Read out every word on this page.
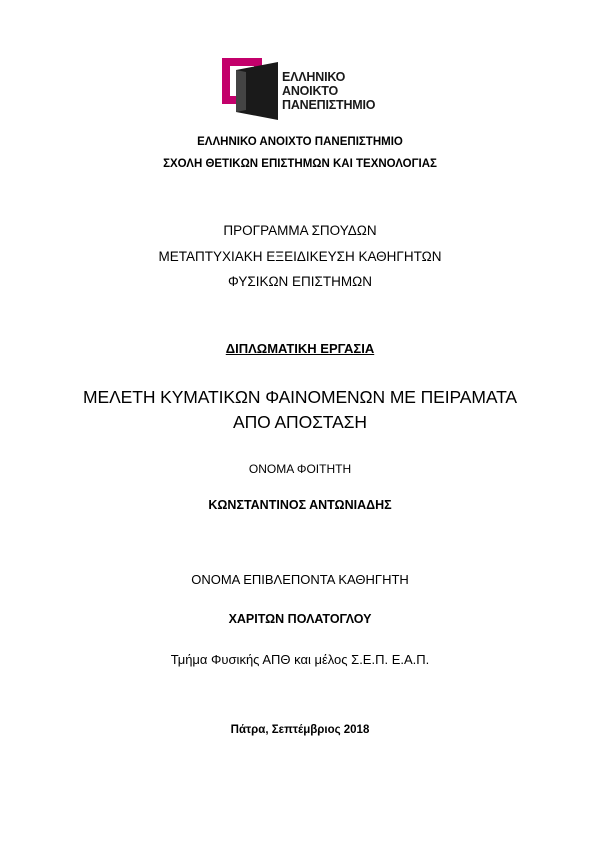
ΕΛΛΗΝΙΚΟ
ΑΝΟΙΚΤΟ
ΠΑΝΕΠΙΣΤΗΜΙΟ
ΕΛΛΗΝΙΚΟ ΑΝΟΙΧΤΟ ΠΑΝΕΠΙΣΤΗΜΙΟ
ΣΧΟΛΗ ΘΕΤΙΚΩΝ ΕΠΙΣΤΗΜΩΝ ΚΑΙ ΤΕΧΝΟΛΟΓΙΑΣ
ΠΡΟΓΡΑΜΜΑ ΣΠΟΥΔΩΝ
ΜΕΤΑΠΤΥΧΙΑΚΗ ΕΞΕΙΔΙΚΕΥΣΗ ΚΑΘΗΓΗΤΩΝ
ΦΥΣΙΚΩΝ ΕΠΙΣΤΗΜΩΝ
ΔΙΠΛΩΜΑΤΙΚΗ ΕΡΓΑΣΙΑ
ΜΕΛΕΤΗ ΚΥΜΑΤΙΚΩΝ ΦΑΙΝΟΜΕΝΩΝ ΜΕ ΠΕΙΡΑΜΑΤΑ
ΑΠΟ ΑΠΟΣΤΑΣΗ
ΟΝΟΜΑ ΦΟΙΤΗΤΗ
ΚΩΝΣΤΑΝΤΙΝΟΣ ΑΝΤΩΝΙΑΔΗΣ
ΟΝΟΜΑ ΕΠΙΒΛΕΠΟΝΤΑ ΚΑΘΗΓΗΤΗ
ΧΑΡΙΤΩΝ ΠΟΛΑΤΟΓΛΟΥ
Τμήμα Φυσικής ΑΠΘ και μέλος Σ.Ε.Π. Ε.Α.Π.
Πάτρα, Σεπτέμβριος 2018
